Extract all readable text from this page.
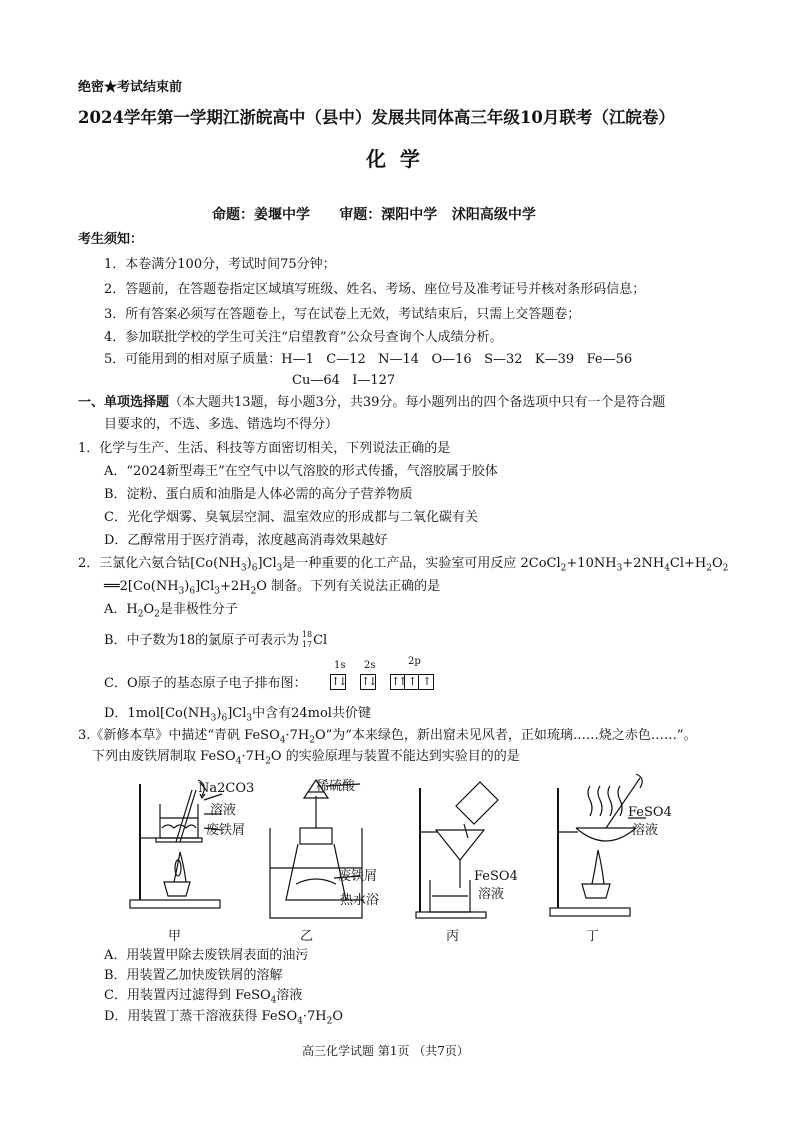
绝密★考试结束前
2024学年第一学期江浙皖高中（县中）发展共同体高三年级10月联考（江皖卷）
化  学
命题：姜堰中学      审题：溧阳中学   沭阳高级中学
考生须知：
1．本卷满分100分，考试时间75分钟；
2．答题前，在答题卷指定区域填写班级、姓名、考场、座位号及准考证号并核对条形码信息；
3．所有答案必须写在答题卷上，写在试卷上无效，考试结束后，只需上交答题卷；
4．参加联批学校的学生可关注“启望教育”公众号查询个人成绩分析。
5．可能用到的相对原子质量：H—1   C—12   N—14   O—16   S—32   K—39   Fe—56
Cu—64   I—127
一、单项选择题（本大题共13题，每小题3分，共39分。每小题列出的四个备选项中只有一个是符合题
目要求的，不选、多选、错选均不得分）
1．化学与生产、生活、科技等方面密切相关，下列说法正确的是
A．“2024新型毒王”在空气中以气溶胶的形式传播，气溶胶属于胶体
B．淀粉、蛋白质和油脂是人体必需的高分子营养物质
C．光化学烟雾、臭氧层空洞、温室效应的形成都与二氧化碳有关
D．乙醇常用于医疗消毒，浓度越高消毒效果越好
2．三氯化六氨合钴$[Co(NH_3)_6]Cl_3$是一种重要的化工产品，实验室可用反应 $2CoCl_2+10NH_3+2NH_4Cl+H_2O_2$
$══2[Co(NH_3)_6]Cl_3+2H_2O$ 制备。下列有关说法正确的是
A．$H_2O_2$是非极性分子
B．中子数为18的氯原子可表示为 18
17 Cl
C．O原子的基态原子电子排布图：
1s 2s	2p
↑↓ ↑↓ ↑↑ ↑ ↑
D．$1mol[Co(NH_3)_6]Cl_3$中含有24mol共价键
3.《新修本草》中描述“青矾 $FeSO_4\cdot 7H_2O$”为“本来绿色，新出窟未见风者，正如琉璃……烧之赤色……”。
下列由废铁屑制取 $FeSO_4\cdot 7H_2O$ 的实验原理与装置不能达到实验目的的是
Na2CO3
溶液
废铁屑
稀硫酸
废铁屑
热水浴
FeSO4
溶液
FeSO4
溶液
甲	乙	丙	丁
A．用装置甲除去废铁屑表面的油污
B．用装置乙加快废铁屑的溶解
C．用装置丙过滤得到 FeSO$_4$溶液
D．用装置丁蒸干溶液获得 $FeSO_4\cdot 7H_2O$
高三化学试题 第1页 （共7页）
